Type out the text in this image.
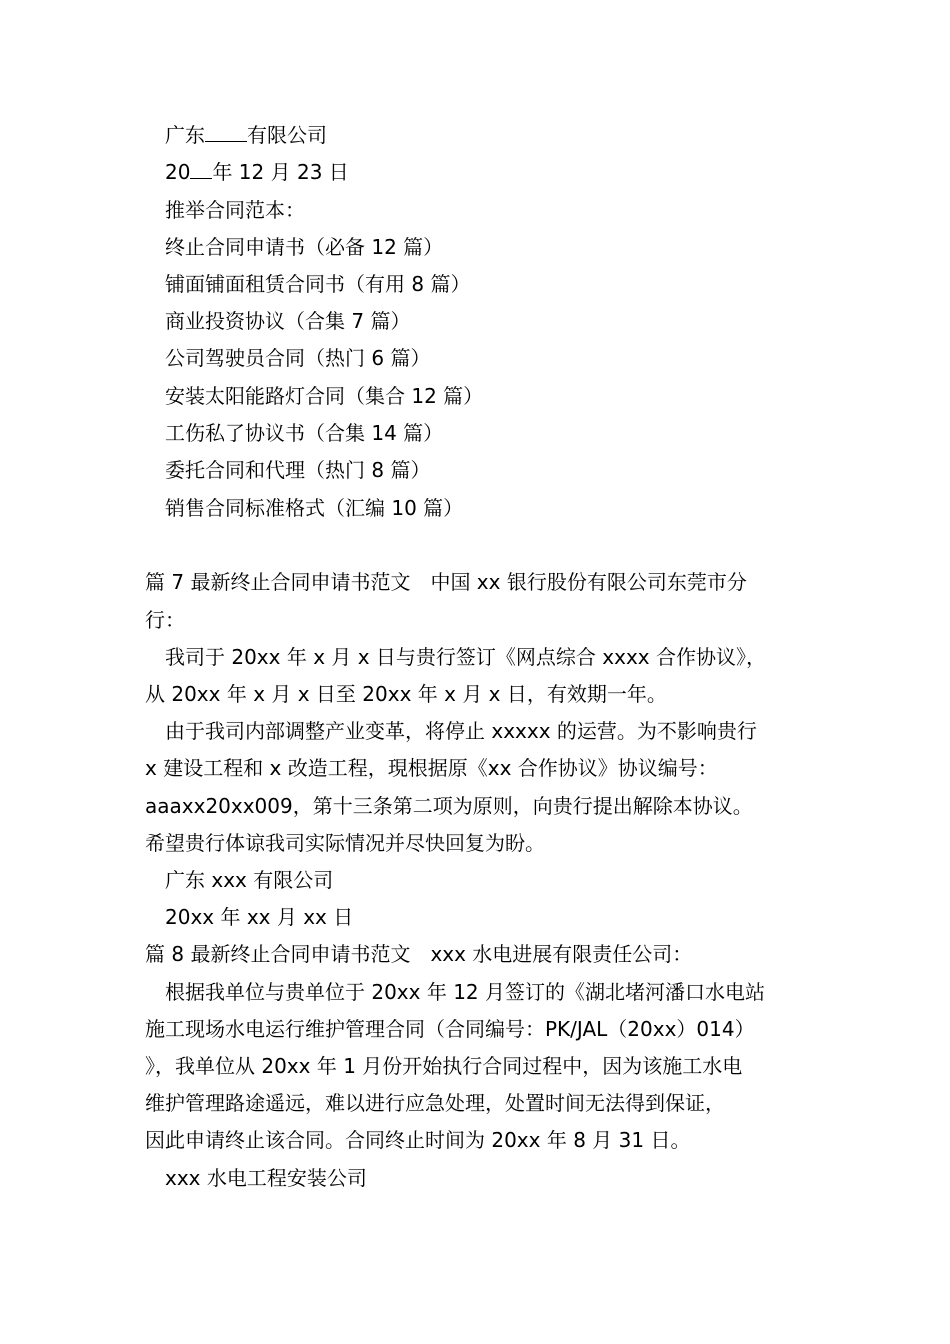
广东 有限公司
20 年 12 月 23 日
推举合同范本：
终止合同申请书（必备 12 篇）
铺面铺面租赁合同书（有用 8 篇）
商业投资协议（合集 7 篇）
公司驾驶员合同（热门 6 篇）
安装太阳能路灯合同（集合 12 篇）
工伤私了协议书（合集 14 篇）
委托合同和代理（热门 8 篇）
销售合同标准格式（汇编 10 篇）
篇 7 最新终止合同申请书范文　中国 xx 银行股份有限公司东莞市分
行：
我司于 20xx 年 x 月 x 日与贵行签订《网点综合 xxxx 合作协议》，
从 20xx 年 x 月 x 日至 20xx 年 x 月 x 日，有效期一年。
由于我司内部调整产业变革，将停止 xxxxx 的运营。为不影响贵行
x 建设工程和 x 改造工程，現根据原《xx 合作协议》协议编号：
aaaxx20xx009，第十三条第二项为原则，向贵行提出解除本协议。
希望贵行体谅我司实际情况并尽快回复为盼。
广东 xxx 有限公司
20xx 年 xx 月 xx 日
篇 8 最新终止合同申请书范文　xxx 水电进展有限责任公司：
根据我单位与贵单位于 20xx 年 12 月签订的《湖北堵河潘口水电站
施工现场水电运行维护管理合同（合同编号：PK/JAL（20xx）014）
》，我单位从 20xx 年 1 月份开始执行合同过程中，因为该施工水电
维护管理路途遥远，难以进行应急处理，处置时间无法得到保证，
因此申请终止该合同。合同终止时间为 20xx 年 8 月 31 日。
xxx 水电工程安装公司
